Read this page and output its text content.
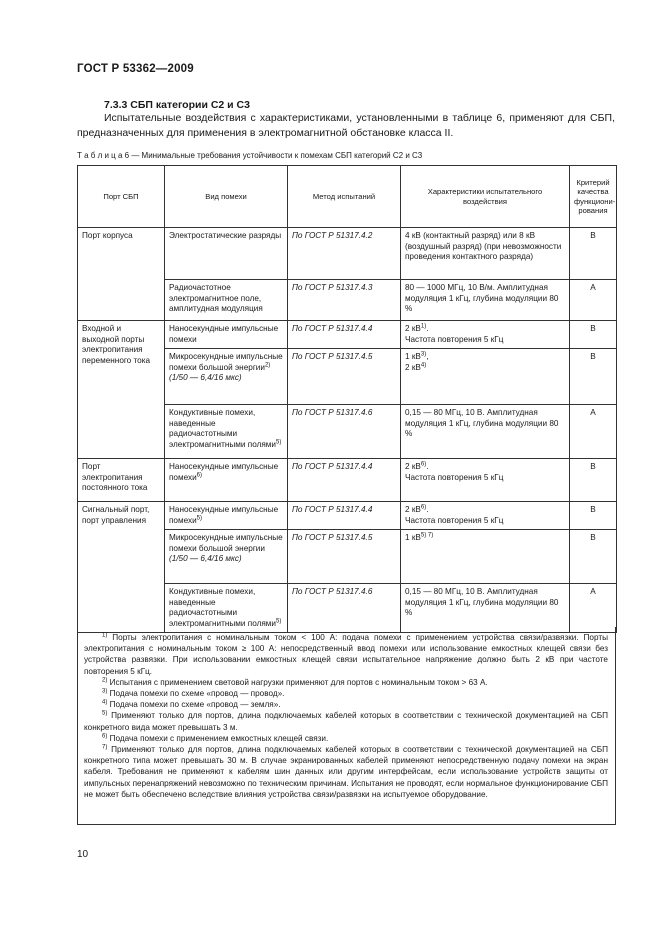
ГОСТ Р 53362—2009
7.3.3 СБП категории С2 и С3
Испытательные воздействия с характеристиками, установленными в таблице 6, применяют для СБП, предназначенных для применения в электромагнитной обстановке класса II.
Т а б л и ц а 6 — Минимальные требования устойчивости к помехам СБП категорий С2 и С3
Порт СБП	Вид помехи	Метод испытаний	Характеристики испытательного воздействия	Критерий качества функциони-рования
Порт корпуса	Электростатические разряды	По ГОСТ Р 51317.4.2	4 кВ (контактный разряд) или 8 кВ (воздушный разряд) (при невозможности проведения контактного разряда)	В
	Радиочастотное электромагнитное поле, амплитудная модуляция	По ГОСТ Р 51317.4.3	80 — 1000 МГц, 10 В/м. Амплитудная модуляция 1 кГц, глубина модуляции 80 %	А
Входной и выходной порты электропитания переменного тока	Наносекундные импульсные помехи	По ГОСТ Р 51317.4.4	2 $кВ^{1)}$.
Частота повторения 5 кГц	В
	Микросекундные импульсные помехи большой энергии$^{2)}$
(1/50 — 6,4/16 мкс)	По ГОСТ Р 51317.4.5	1 $кВ^{3)}$,
2 $кВ^{4)}$	В
	Кондуктивные помехи, наведенные радиочастотными электромагнитными полями$^{5)}$	По ГОСТ Р 51317.4.6	0,15 — 80 МГц, 10 В. Амплитудная модуляция 1 кГц, глубина модуляции 80 %	А
Порт электропитания постоянного тока	Наносекундные импульсные помехи$^{6)}$	По ГОСТ Р 51317.4.4	2 $кВ^{6)}$.
Частота повторения 5 кГц	В
Сигнальный порт, порт управления	Наносекундные импульсные помехи$^{5)}$	По ГОСТ Р 51317.4.4	2 $кВ^{6)}$.
Частота повторения 5 кГц	В
	Микросекундные импульсные помехи большой энергии
(1/50 — 6,4/16 мкс)	По ГОСТ Р 51317.4.5	1 $кВ^{5) 7)}$	В
	Кондуктивные помехи, наведенные радиочастотными электромагнитными полями$^{5)}$	По ГОСТ Р 51317.4.6	0,15 — 80 МГц, 10 В. Амплитудная модуляция 1 кГц, глубина модуляции 80 %	А

$^{1)}$ Порты электропитания с номинальным током < 100 А: подача помехи с применением устройства связи/развязки. Порты электропитания с номинальным током ≥ 100 А: непосредственный ввод помехи или использование емкостных клещей связи без устройства развязки. При использовании емкостных клещей связи испытательное напряжение должно быть 2 кВ при частоте повторения 5 кГц.

$^{2)}$ Испытания с применением световой нагрузки применяют для портов с номинальным током > 63 А.

$^{3)}$ Подача помехи по схеме «провод — провод».

$^{4)}$ Подача помехи по схеме «провод — земля».

$^{5)}$ Применяют только для портов, длина подключаемых кабелей которых в соответствии с технической документацией на СБП конкретного вида может превышать 3 м.

$^{6)}$ Подача помехи с применением емкостных клещей связи.

$^{7)}$ Применяют только для портов, длина подключаемых кабелей которых в соответствии с технической документацией на СБП конкретного типа может превышать 30 м. В случае экранированных кабелей применяют непосредственную подачу помехи на экран кабеля. Требования не применяют к кабелям шин данных или другим интерфейсам, если использование устройств защиты от импульсных перенапряжений невозможно по техническим причинам. Испытания не проводят, если нормальное функционирование СБП не может быть обеспечено вследствие влияния устройства связи/развязки на испытуемое оборудование.

10
